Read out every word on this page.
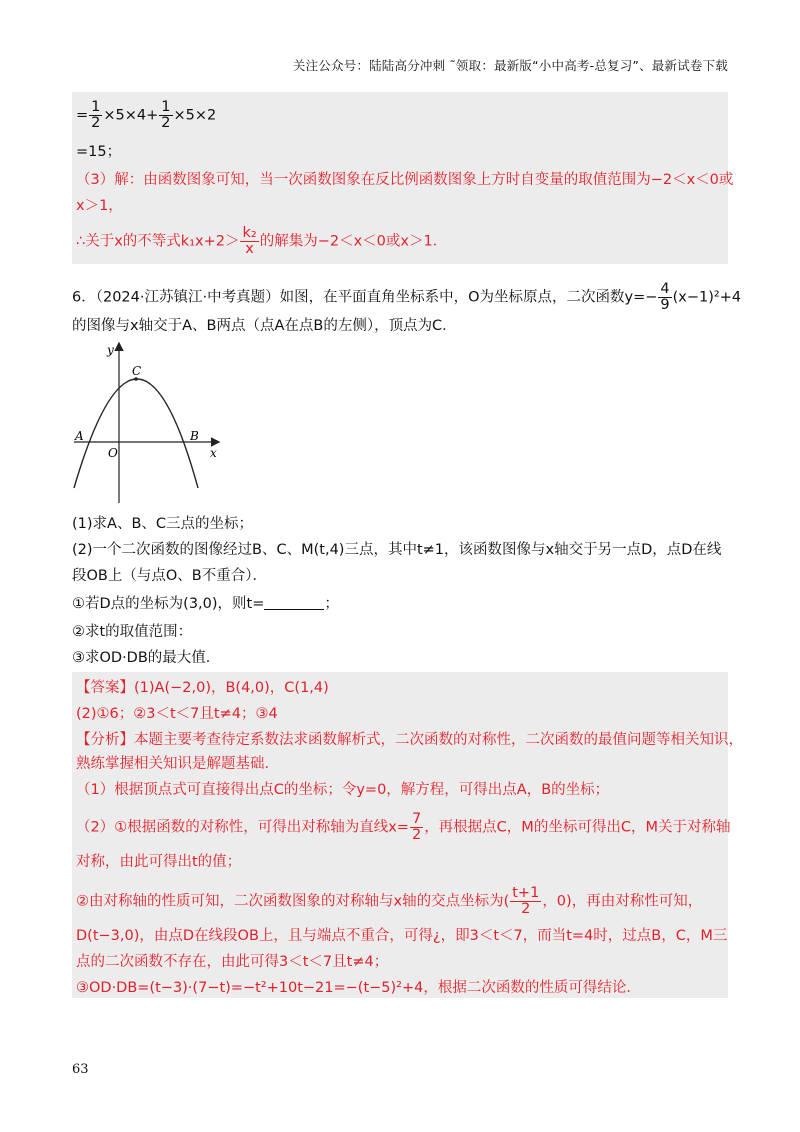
关注公众号：陆陆高分冲刺 ˜领取：最新版“小中高考-总复习”、最新试卷下载
= $\frac{1}{2} \times 5\times 4+ \frac{1}{2} \times 5\times 2$
=15；
（3）解：由函数图象可知，当一次函数图象在反比例函数图象上方时自变量的取值范围为−2＜x＜0或
x＞1，
∴关于x的不等式$k_1x+2> \frac{\text{k₂}}{x}$ 的解集为−2＜x＜0或x＞1．
6．（2024·江苏镇江·中考真题）如图，在平面直角坐标系中，O为坐标原点，二次函数$y=- \frac{4}{9} (x-1)^2+4$
的图像与x轴交于A、B两点（点A在点B的左侧），顶点为C．
y
C
A	B
O	x
(1)求A、B、C三点的坐标；
(2)一个二次函数的图像经过B、C、M(t,4)三点，其中t≠1，该函数图像与x轴交于另一点D，点D在线
段OB上（与点O、B不重合）．
①若D点的坐标为(3,0)，则t=	；
②求t的取值范围：
③求OD·DB的最大值．
【答案】(1)A(−2,0)，B(4,0)，C(1,4)
(2)①6；②3＜t＜7且t≠4；③4
【分析】本题主要考查待定系数法求函数解析式，二次函数的对称性，二次函数的最值问题等相关知识，
熟练掌握相关知识是解题基础．
（1）根据顶点式可直接得出点C的坐标；令y=0，解方程，可得出点A，B的坐标；
（2）①根据函数的对称性，可得出对称轴为直线$x= \frac{7}{2}$ ，再根据点C，M的坐标可得出C，M关于对称轴
对称，由此可得出t的值；
②由对称轴的性质可知，二次函数图象的对称轴与x轴的交点坐标为( $\frac{t+1}{2}$ ，0)，再由对称性可知，
D(t−3,0)，由点D在线段OB上，且与端点不重合，可得¿，即3＜t＜7，而当t=4时，过点B，C，M三
点的二次函数不存在，由此可得3＜t＜7且t≠4；
③OD·DB=(t−3)·(7−t)=−t²+10t−21=−(t−5)²+4，根据二次函数的性质可得结论．
63
